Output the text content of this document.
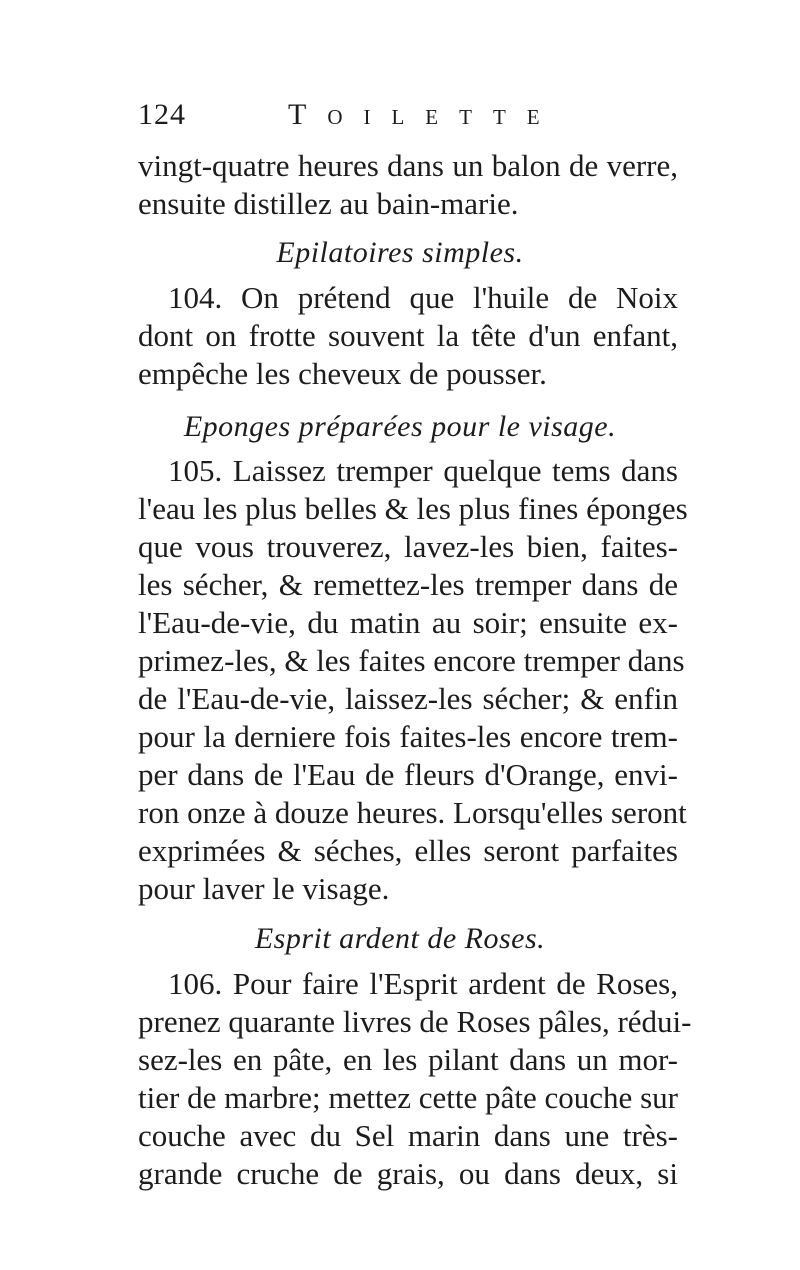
124	Toilette
vingt-quatre heures dans un balon de verre,
ensuite distillez au bain-marie.
Epilatoires simples.
104. On prétend que l'huile de Noix
dont on frotte souvent la tête d'un enfant,
empêche les cheveux de pousser.
Eponges préparées pour le visage.
105. Laissez tremper quelque tems dans
l'eau les plus belles & les plus fines éponges
que vous trouverez, lavez-les bien, faites-
les sécher, & remettez-les tremper dans de
l'Eau-de-vie, du matin au soir; ensuite ex-
primez-les, & les faites encore tremper dans
de l'Eau-de-vie, laissez-les sécher; & enfin
pour la derniere fois faites-les encore trem-
per dans de l'Eau de fleurs d'Orange, envi-
ron onze à douze heures. Lorsqu'elles seront
exprimées & séches, elles seront parfaites
pour laver le visage.
Esprit ardent de Roses.
106. Pour faire l'Esprit ardent de Roses,
prenez quarante livres de Roses pâles, rédui-
sez-les en pâte, en les pilant dans un mor-
tier de marbre; mettez cette pâte couche sur
couche avec du Sel marin dans une très-
grande cruche de grais, ou dans deux, si
